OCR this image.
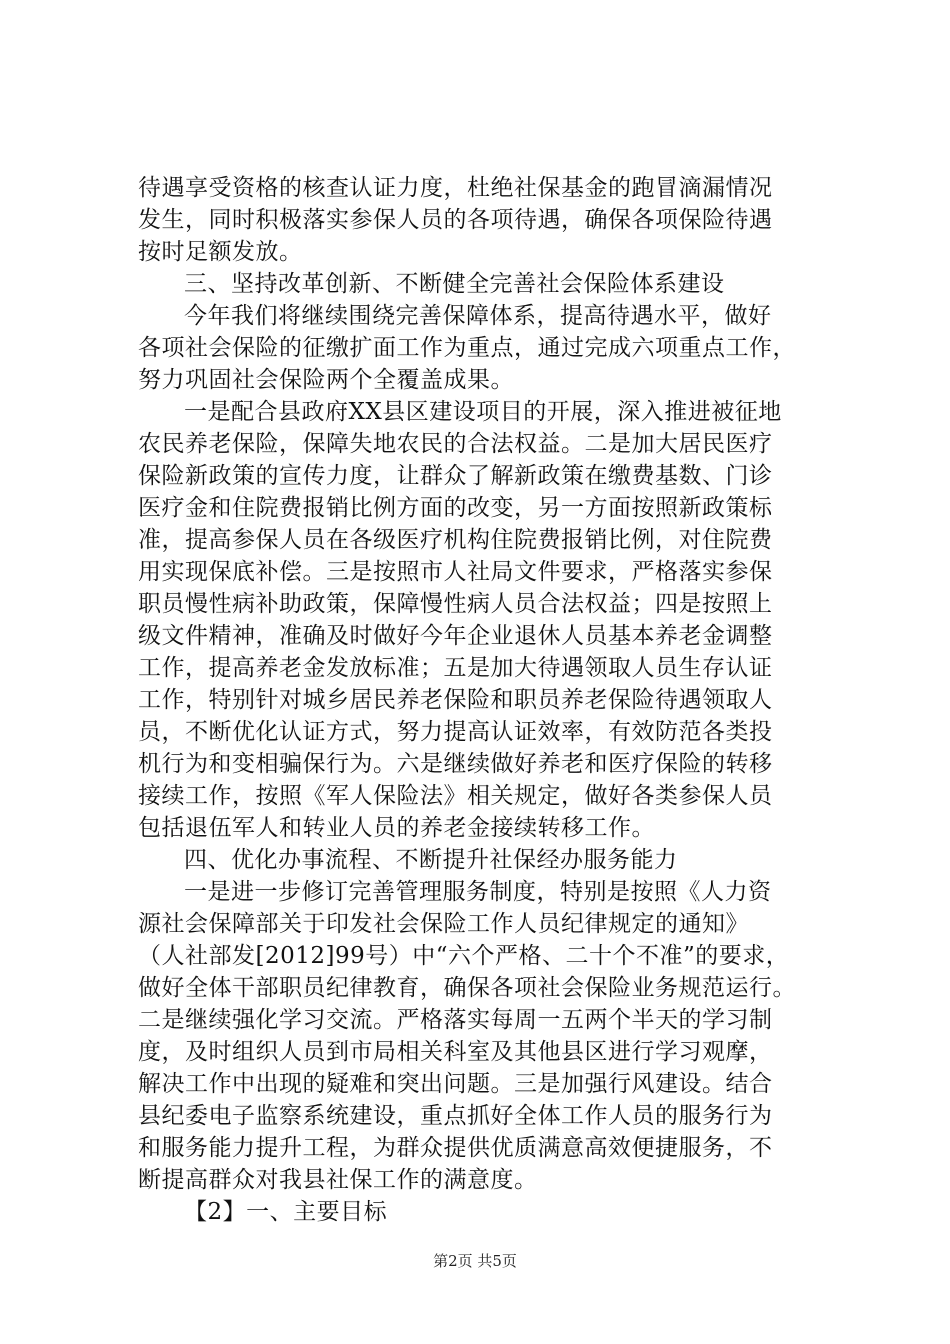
待遇享受资格的核查认证力度，杜绝社保基金的跑冒滴漏情况
发生，同时积极落实参保人员的各项待遇，确保各项保险待遇
按时足额发放。
三、坚持改革创新、不断健全完善社会保险体系建设
今年我们将继续围绕完善保障体系，提高待遇水平，做好
各项社会保险的征缴扩面工作为重点，通过完成六项重点工作，
努力巩固社会保险两个全覆盖成果。
一是配合县政府XX县区建设项目的开展，深入推进被征地
农民养老保险，保障失地农民的合法权益。二是加大居民医疗
保险新政策的宣传力度，让群众了解新政策在缴费基数、门诊
医疗金和住院费报销比例方面的改变，另一方面按照新政策标
准，提高参保人员在各级医疗机构住院费报销比例，对住院费
用实现保底补偿。三是按照市人社局文件要求，严格落实参保
职员慢性病补助政策，保障慢性病人员合法权益；四是按照上
级文件精神，准确及时做好今年企业退休人员基本养老金调整
工作，提高养老金发放标准；五是加大待遇领取人员生存认证
工作，特别针对城乡居民养老保险和职员养老保险待遇领取人
员，不断优化认证方式，努力提高认证效率，有效防范各类投
机行为和变相骗保行为。六是继续做好养老和医疗保险的转移
接续工作，按照《军人保险法》相关规定，做好各类参保人员
包括退伍军人和转业人员的养老金接续转移工作。
四、优化办事流程、不断提升社保经办服务能力
一是进一步修订完善管理服务制度，特别是按照《人力资
源社会保障部关于印发社会保险工作人员纪律规定的通知》
（人社部发[2012]99号）中“六个严格、二十个不准”的要求，
做好全体干部职员纪律教育，确保各项社会保险业务规范运行。
二是继续强化学习交流。严格落实每周一五两个半天的学习制
度，及时组织人员到市局相关科室及其他县区进行学习观摩，
解决工作中出现的疑难和突出问题。三是加强行风建设。结合
县纪委电子监察系统建设，重点抓好全体工作人员的服务行为
和服务能力提升工程，为群众提供优质满意高效便捷服务，不
断提高群众对我县社保工作的满意度。
【2】一、主要目标
第2页 共5页
